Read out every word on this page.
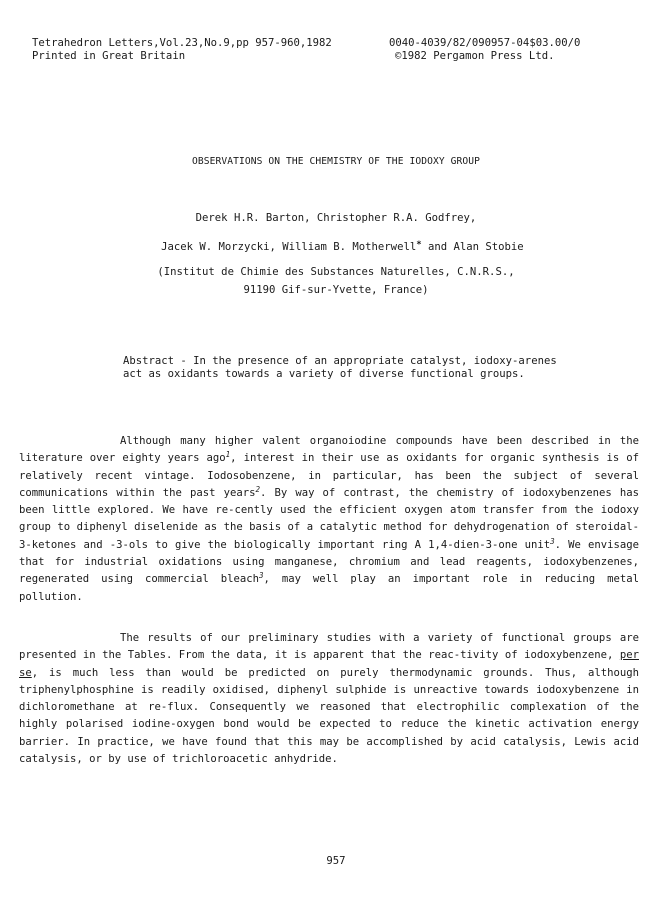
Tetrahedron Letters,Vol.23,No.9,pp 957-960,1982	0040-4039/82/090957-04$03.00/0
Printed in Great Britain	©1982 Pergamon Press Ltd.
OBSERVATIONS ON THE CHEMISTRY OF THE IODOXY GROUP
Derek H.R. Barton, Christopher R.A. Godfrey,

Jacek W. Morzycki, William B. Motherwell* and Alan Stobie

(Institut de Chimie des Substances Naturelles, C.N.R.S.,
91190 Gif-sur-Yvette, France)
Abstract - In the presence of an appropriate catalyst, iodoxy-arenes act as oxidants towards a variety of diverse functional groups.
Although many higher valent organoiodine compounds have been described in the literature over eighty years ago$^1$, interest in their use as oxidants for organic synthesis is of relatively recent vintage. Iodosobenzene, in particular, has been the subject of several communications within the past years$^2$. By way of contrast, the chemistry of iodoxybenzenes has been little explored. We have re-cently used the efficient oxygen atom transfer from the iodoxy group to diphenyl diselenide as the basis of a catalytic method for dehydrogenation of steroidal-3-ketones and -3-ols to give the biologically important ring A 1,4-dien-3-one unit$^3$. We envisage that for industrial oxidations using manganese, chromium and lead reagents, iodoxybenzenes, regenerated using commercial bleach$^3$, may well play an important role in reducing metal pollution.
The results of our preliminary studies with a variety of functional groups are presented in the Tables. From the data, it is apparent that the reac-tivity of iodoxybenzene, per se, is much less than would be predicted on purely thermodynamic grounds. Thus, although triphenylphosphine is readily oxidised, diphenyl sulphide is unreactive towards iodoxybenzene in dichloromethane at re-flux. Consequently we reasoned that electrophilic complexation of the highly polarised iodine-oxygen bond would be expected to reduce the kinetic activation energy barrier. In practice, we have found that this may be accomplished by acid catalysis, Lewis acid catalysis, or by use of trichloroacetic anhydride.
957
